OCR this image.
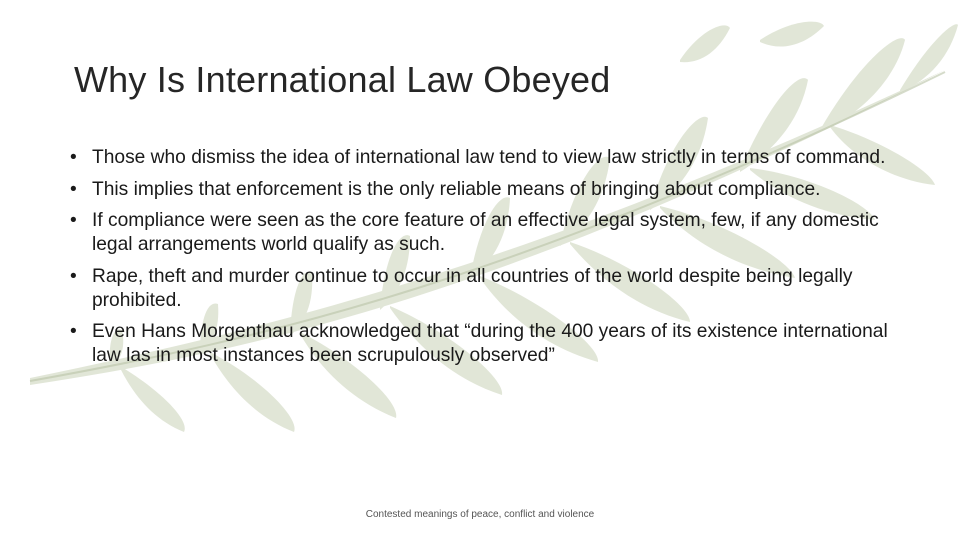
Why Is International Law Obeyed
• Those who dismiss the idea of international law tend to view law strictly in terms of command.
• This implies that enforcement is the only reliable means of bringing about compliance.
• If compliance were seen as the core feature of an effective legal system, few, if any domestic legal arrangements world qualify as such.
• Rape, theft and murder continue to occur in all countries of the world despite being legally prohibited.
• Even Hans Morgenthau acknowledged that “during the 400 years of its existence international law las in most instances been scrupulously observed”
Contested meanings of peace, conflict and violence
